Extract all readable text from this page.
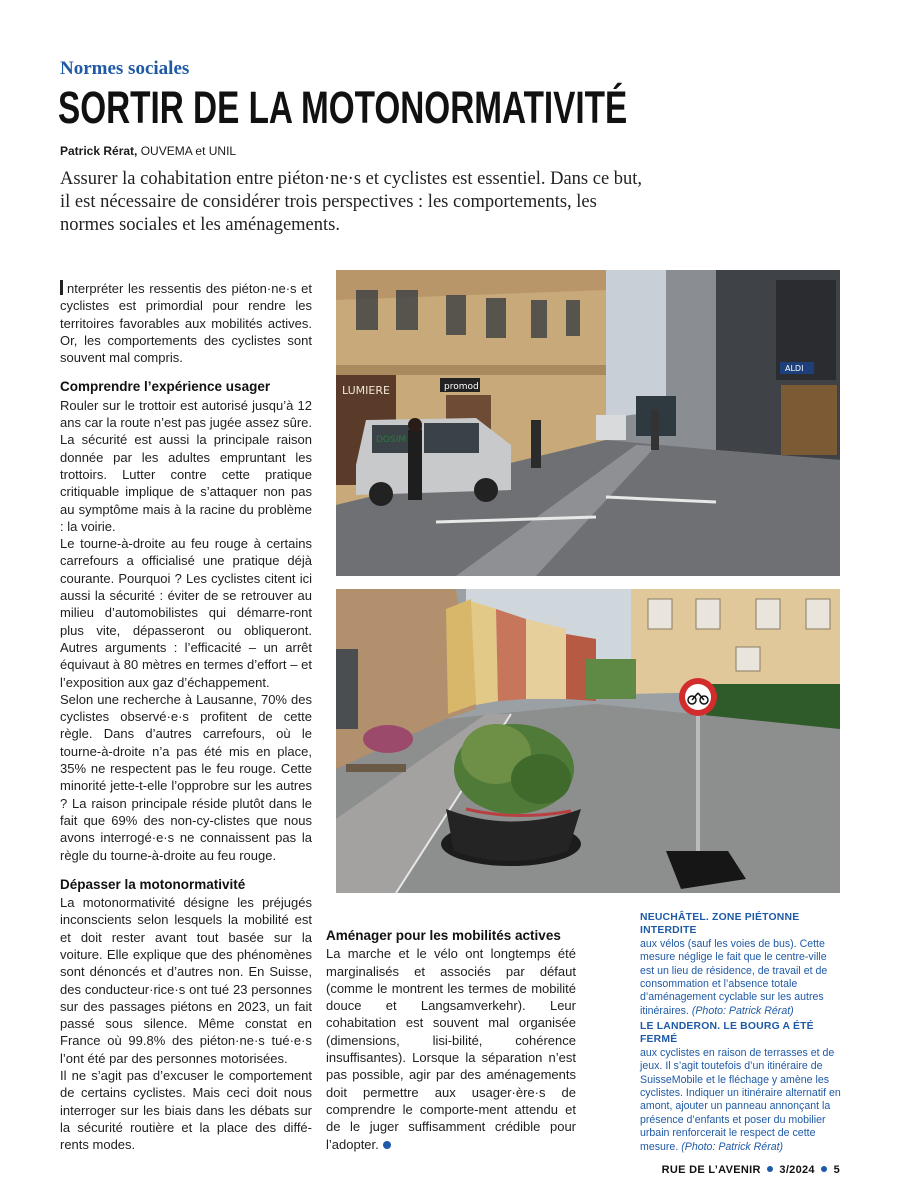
Normes sociales
SORTIR DE LA MOTONORMATIVITÉ
Patrick Rérat, OUVEMA et UNIL

Assurer la cohabitation entre piéton·ne·s et cyclistes est essentiel. Dans ce but, il est nécessaire de considérer trois perspectives : les comportements, les normes sociales et les aménagements.

nterpréter les ressentis des piéton·ne·s et cyclistes est primordial pour rendre les territoires favorables aux mobilités actives. Or, les comportements des cyclistes sont souvent mal compris.

Comprendre l’expérience usager

Rouler sur le trottoir est autorisé jusqu’à 12 ans car la route n’est pas jugée assez sûre. La sécurité est aussi la principale raison donnée par les adultes empruntant les trottoirs. Lutter contre cette pratique critiquable implique de s’attaquer non pas au symptôme mais à la racine du problème : la voirie.

Le tourne-à-droite au feu rouge à certains carrefours a officialisé une pratique déjà courante. Pourquoi ? Les cyclistes citent ici aussi la sécurité : éviter de se retrouver au milieu d’automobilistes qui démarre-ront plus vite, dépasseront ou obliqueront. Autres arguments : l’efficacité – un arrêt équivaut à 80 mètres en termes d’effort – et l’exposition aux gaz d’échappement.

Selon une recherche à Lausanne, 70% des cyclistes observé·e·s profitent de cette règle. Dans d’autres carrefours, où le tourne-à-droite n’a pas été mis en place, 35% ne respectent pas le feu rouge. Cette minorité jette-t-elle l’opprobre sur les autres ? La raison principale réside plutôt dans le fait que 69% des non-cy-clistes que nous avons interrogé·e·s ne connaissent pas la règle du tourne-à-droite au feu rouge.

Dépasser la motonormativité

La motonormativité désigne les préjugés inconscients selon lesquels la mobilité est et doit rester avant tout basée sur la voiture. Elle explique que des phénomènes sont dénoncés et d’autres non. En Suisse, des conducteur·rice·s ont tué 23 personnes sur des passages piétons en 2023, un fait passé sous silence. Même constat en France où 99.8% des piéton·ne·s tué·e·s l’ont été par des personnes motorisées.

Il ne s’agit pas d’excuser le comportement de certains cyclistes. Mais ceci doit nous interroger sur les biais dans les débats sur la sécurité routière et la place des diffé-rents modes.

LUMIERE	promod
ALDI
DOSIM
Aménager pour les mobilités actives

La marche et le vélo ont longtemps été marginalisés et associés par défaut (comme le montrent les termes de mobilité douce et Langsamverkehr). Leur cohabitation est souvent mal organisée (dimensions, lisi-bilité, cohérence insuffisantes). Lorsque la séparation n’est pas possible, agir par des aménagements doit permettre aux usager·ère·s de comprendre le comporte-ment attendu et de le juger suffisamment crédible pour l’adopter.

NEUCHÂTEL. ZONE PIÉTONNE INTERDITE
aux vélos (sauf les voies de bus). Cette mesure néglige le fait que le centre-ville est un lieu de résidence, de travail et de consommation et l’absence totale d’aménagement cyclable sur les autres itinéraires. (Photo: Patrick Rérat)
LE LANDERON. LE BOURG A ÉTÉ FERMÉ
aux cyclistes en raison de terrasses et de jeux. Il s’agit toutefois d’un itinéraire de SuisseMobile et le fléchage y amène les cyclistes. Indiquer un itinéraire alternatif en amont, ajouter un panneau annonçant la présence d’enfants et poser du mobilier urbain renforcerait le respect de cette mesure. (Photo: Patrick Rérat)
RUE DE L’AVENIR 3/2024 5
